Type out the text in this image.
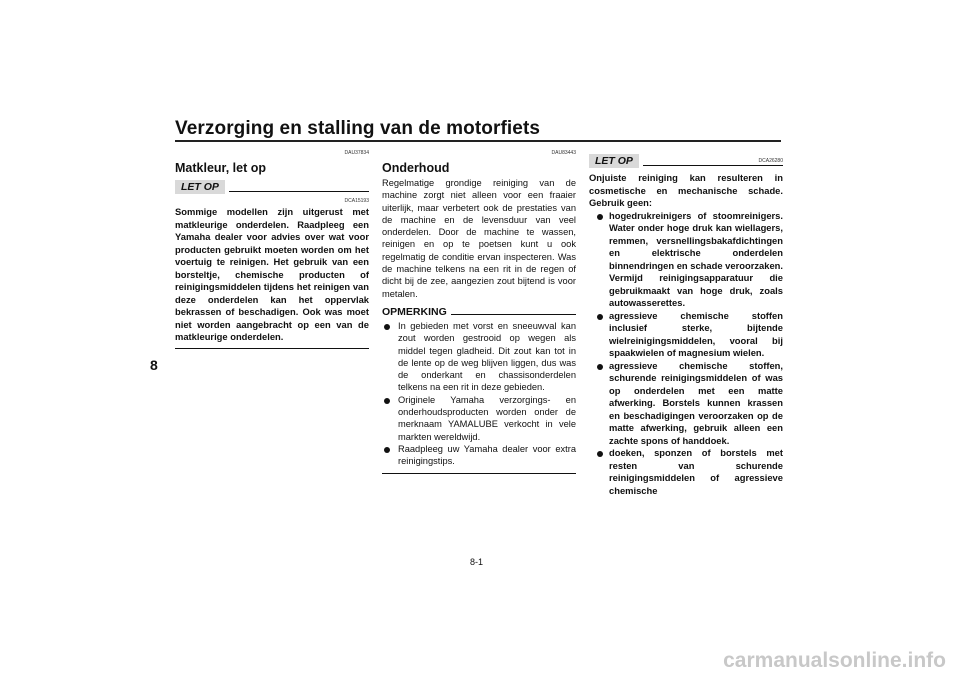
Verzorging en stalling van de motorfiets
8
DAU37834
Matkleur, let op
LET OP
DCA15193

Sommige modellen zijn uitgerust met matkleurige onderdelen. Raadpleeg een Yamaha dealer voor advies over wat voor producten gebruikt moeten worden om het voertuig te reinigen. Het gebruik van een borsteltje, chemische producten of reinigingsmiddelen tijdens het reinigen van deze onderdelen kan het oppervlak bekrassen of beschadigen. Ook was moet niet worden aangebracht op een van de matkleurige onderdelen.

DAU83443
Onderhoud

Regelmatige grondige reiniging van de machine zorgt niet alleen voor een fraaier uiterlijk, maar verbetert ook de prestaties van de machine en de levensduur van veel onderdelen. Door de machine te wassen, reinigen en op te poetsen kunt u ook regelmatig de conditie ervan inspecteren. Was de machine telkens na een rit in de regen of dicht bij de zee, aangezien zout bijtend is voor metalen.

OPMERKING
In gebieden met vorst en sneeuwval kan zout worden gestrooid op wegen als middel tegen gladheid. Dit zout kan tot in de lente op de weg blijven liggen, dus was de onderkant en chassisonderdelen telkens na een rit in deze gebieden.
Originele Yamaha verzorgings- en onderhoudsproducten worden onder de merknaam YAMALUBE verkocht in vele markten wereldwijd.
Raadpleeg uw Yamaha dealer voor extra reinigingstips.
LET OP	DCA26280

Onjuiste reiniging kan resulteren in cosmetische en mechanische schade. Gebruik geen:

hogedrukreinigers of stoomreinigers. Water onder hoge druk kan wiellagers, remmen, versnellingsbakafdichtingen en elektrische onderdelen binnendringen en schade veroorzaken. Vermijd reinigingsapparatuur die gebruikmaakt van hoge druk, zoals autowasserettes.
agressieve chemische stoffen inclusief sterke, bijtende wielreinigingsmiddelen, vooral bij spaakwielen of magnesium wielen.
agressieve chemische stoffen, schurende reinigingsmiddelen of was op onderdelen met een matte afwerking. Borstels kunnen krassen en beschadigingen veroorzaken op de matte afwerking, gebruik alleen een zachte spons of handdoek.
doeken, sponzen of borstels met resten van schurende reinigingsmiddelen of agressieve chemische
8-1
carmanualsonline.info
